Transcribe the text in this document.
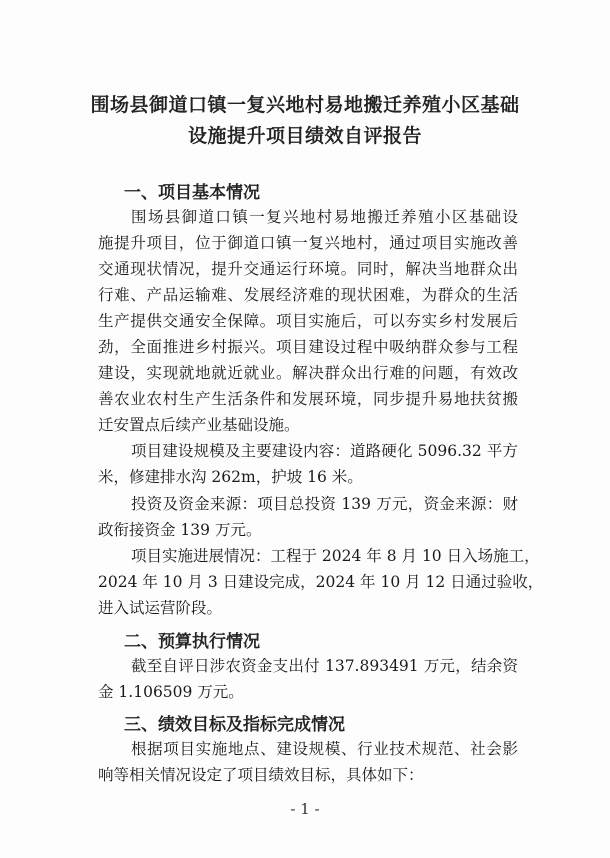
围场县御道口镇一复兴地村易地搬迁养殖小区基础
设施提升项目绩效自评报告
一、项目基本情况
围场县御道口镇一复兴地村易地搬迁养殖小区基础设
施提升项目，位于御道口镇一复兴地村，通过项目实施改善
交通现状情况，提升交通运行环境。同时，解决当地群众出
行难、产品运输难、发展经济难的现状困难，为群众的生活
生产提供交通安全保障。项目实施后，可以夯实乡村发展后
劲，全面推进乡村振兴。项目建设过程中吸纳群众参与工程
建设，实现就地就近就业。解决群众出行难的问题，有效改
善农业农村生产生活条件和发展环境，同步提升易地扶贫搬
迁安置点后续产业基础设施。
项目建设规模及主要建设内容：道路硬化 5096.32 平方
米，修建排水沟 262m，护坡 16 米。
投资及资金来源：项目总投资 139 万元，资金来源：财
政衔接资金 139 万元。
项目实施进展情况：工程于 2024 年 8 月 10 日入场施工，
2024 年 10 月 3 日建设完成，2024 年 10 月 12 日通过验收，
进入试运营阶段。
二、预算执行情况
截至自评日涉农资金支出付 137.893491 万元，结余资
金 1.106509 万元。
三、绩效目标及指标完成情况
根据项目实施地点、建设规模、行业技术规范、社会影
响等相关情况设定了项目绩效目标，具体如下：
- 1 -
